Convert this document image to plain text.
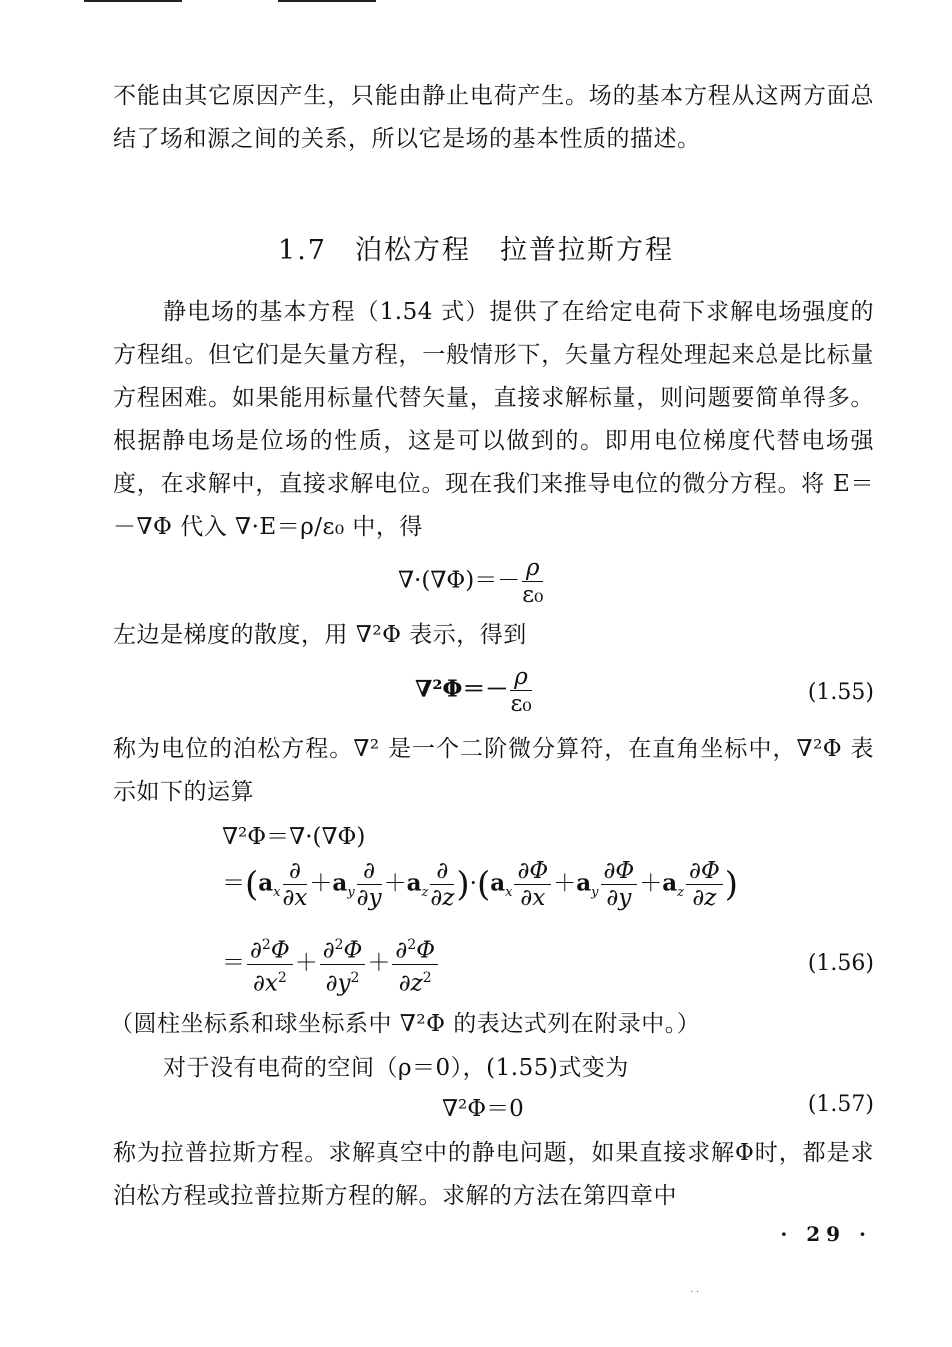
不能由其它原因产生，只能由静止电荷产生。场的基本方程从这两方面总结了场和源之间的关系，所以它是场的基本性质的描述。
1.7 泊松方程　拉普拉斯方程
静电场的基本方程（1.54 式）提供了在给定电荷下求解电场强度的方程组。但它们是矢量方程，一般情形下，矢量方程处理起来总是比标量方程困难。如果能用标量代替矢量，直接求解标量，则问题要简单得多。根据静电场是位场的性质，这是可以做到的。即用电位梯度代替电场强度，在求解中，直接求解电位。现在我们来推导电位的微分方程。将 E＝－∇Φ 代入 ∇·E＝ρ/ε₀ 中，得
$\nabla\cdot(\nabla\Phi)=- \frac{\rho}{\text{ε₀}}$
左边是梯度的散度，用 ∇²Φ 表示，得到
$\nabla^2\Phi=- \frac{\rho}{\text{ε₀}}$	(1.55)
称为电位的泊松方程。∇² 是一个二阶微分算符，在直角坐标中，∇²Φ 表示如下的运算
∇²Φ＝∇·(∇Φ)
$=(a_x \frac{\partial}{\partial x} +a_y \frac{\partial}{\partial y} +a_z \frac{\partial}{\partial z} )\cdot(a_x \frac{\partial\Phi}{\partial x} +a_y \frac{\partial\Phi}{\partial y} +a_z \frac{\partial\Phi}{\partial z}$ )
＝ $\frac{\partial^2\Phi}{\partial x^2} + \frac{\partial^2\Phi}{\partial y^2} + \frac{\partial^2\Phi}{\partial z^2}$	(1.56)
（圆柱坐标系和球坐标系中 ∇²Φ 的表达式列在附录中。）
对于没有电荷的空间（ρ＝0），(1.55)式变为
∇²Φ＝0	(1.57)
称为拉普拉斯方程。求解真空中的静电问题，如果直接求解Φ时，都是求泊松方程或拉普拉斯方程的解。求解的方法在第四章中
· 29 ·
· ·
